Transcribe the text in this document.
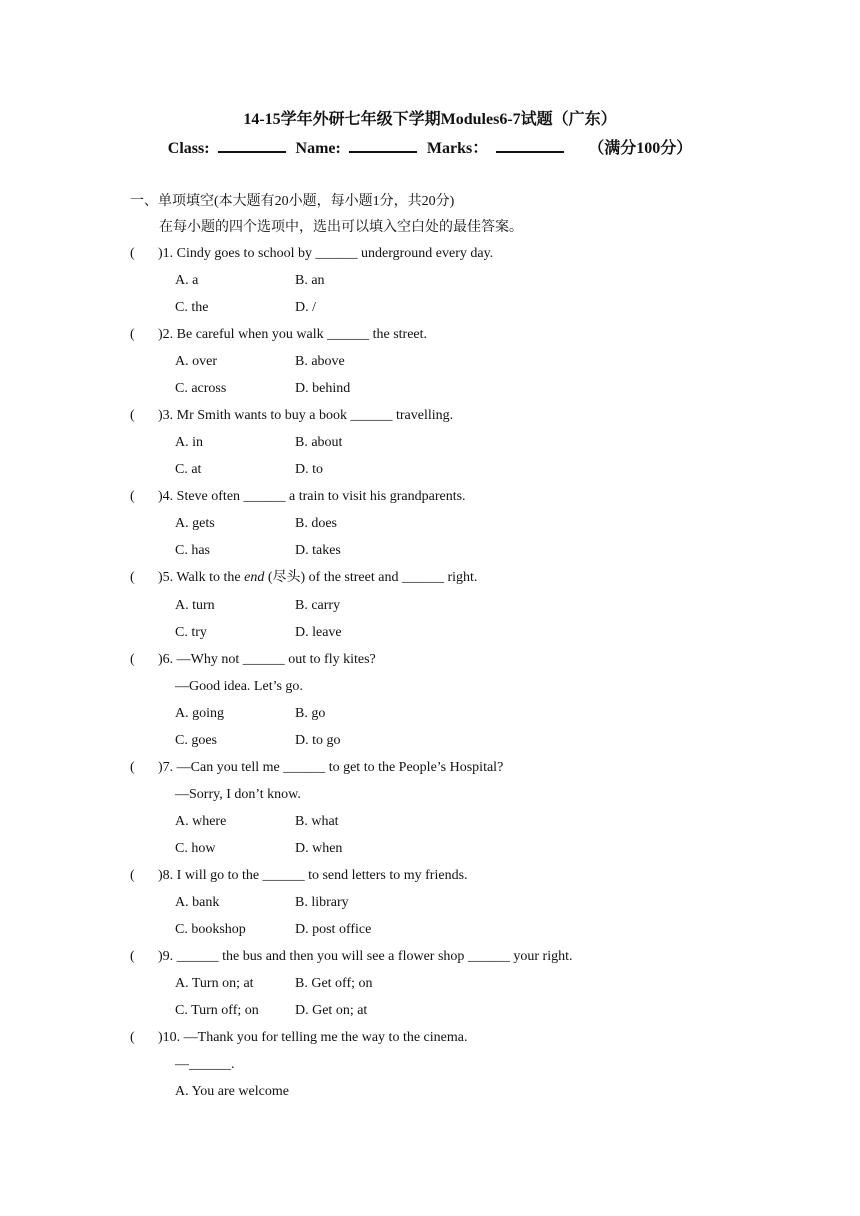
14-15学年外研七年级下学期Modules6-7试题（广东）
Class:	Name:	Marks：	（满分100分）
一、单项填空(本大题有20小题，每小题1分，共20分)
在每小题的四个选项中，选出可以填入空白处的最佳答案。
( )1. Cindy goes to school by ______ underground every day.
A. a	B. an
C. the	D. /
( )2. Be careful when you walk ______ the street.
A. over	B. above
C. across	D. behind
( )3. Mr Smith wants to buy a book ______ travelling.
A. in	B. about
C. at	D. to
( )4. Steve often ______ a train to visit his grandparents.
A. gets	B. does
C. has	D. takes
( )5. Walk to the end (尽头) of the street and ______ right.
A. turn	B. carry
C. try	D. leave
( )6. —Why not ______ out to fly kites?
—Good idea. Let’s go.
A. going	B. go
C. goes	D. to go
( )7. —Can you tell me ______ to get to the People’s Hospital?
—Sorry, I don’t know.
A. where	B. what
C. how	D. when
( )8. I will go to the ______ to send letters to my friends.
A. bank	B. library
C. bookshop	D. post office
( )9. ______ the bus and then you will see a flower shop ______ your right.
A. Turn on; at	B. Get off; on
C. Turn off; on	D. Get on; at
( )10. —Thank you for telling me the way to the cinema.
—______.
A. You are welcome
